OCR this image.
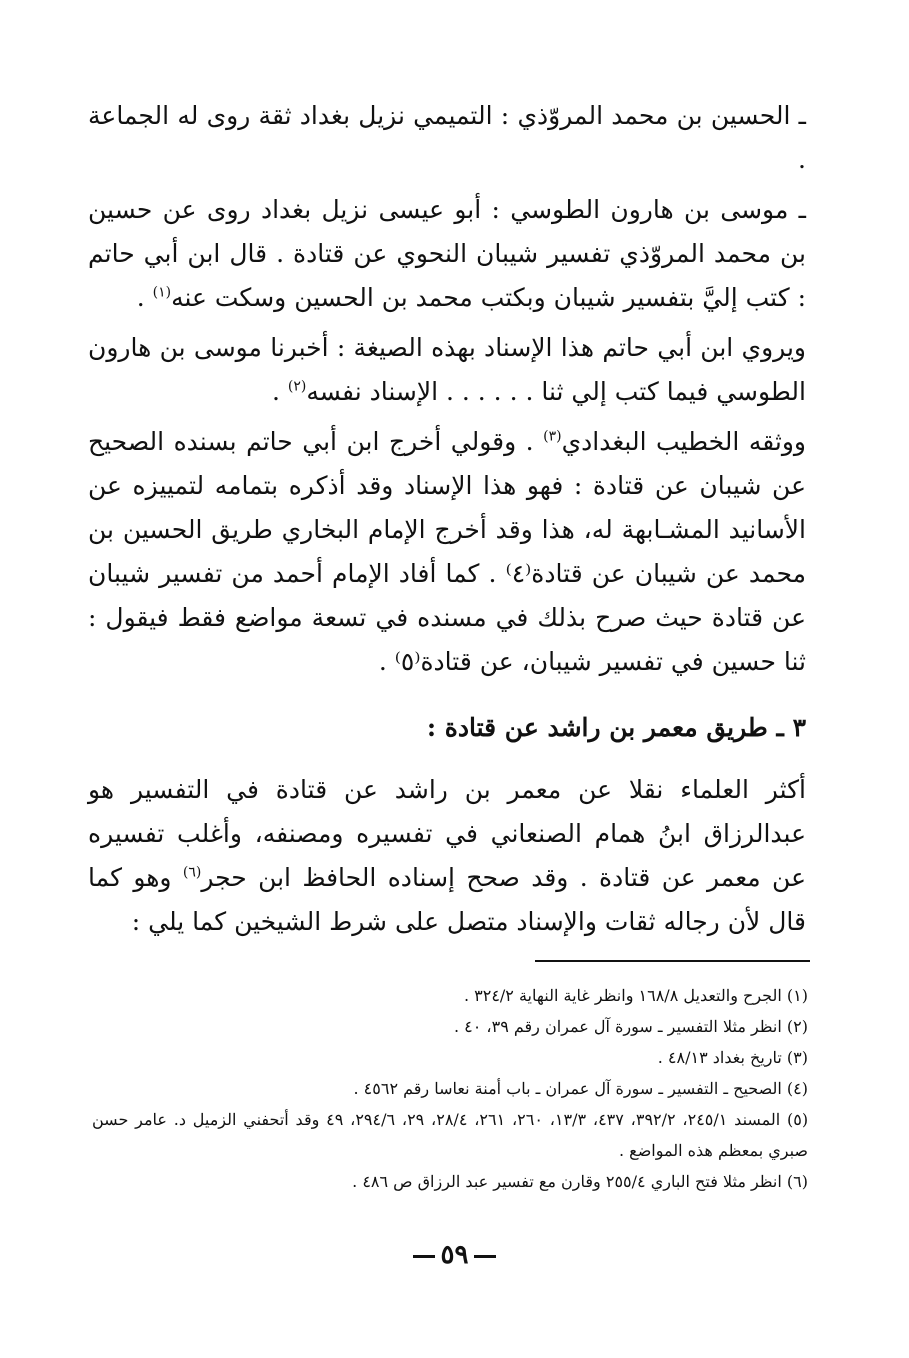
ـ الحسين بن محمد المروّذي : التميمي نزيل بغداد ثقة روى له الجماعة .

ـ موسى بن هارون الطوسي : أبو عيسى نزيل بغداد روى عن حسين بن محمد المروّذي تفسير شيبان النحوي عن قتادة . قال ابن أبي حاتم : كتب إليَّ بتفسير شيبان وبكتب محمد بن الحسين وسكت عنه$^{(١)}$ .

ويروي ابن أبي حاتم هذا الإسناد بهذه الصيغة : أخبرنا موسى بن هارون الطوسي فيما كتب إلي ثنا . . . . . . الإسناد نفسه$^{(٢)}$ .

ووثقه الخطيب البغدادي$^{(٣)}$ . وقولي أخرج ابن أبي حاتم بسنده الصحيح عن شيبان عن قتادة : فهو هذا الإسناد وقد أذكره بتمامه لتمييزه عن الأسانيد المشـابهة له، هذا وقد أخرج الإمام البخاري طريق الحسين بن محمد عن شيبان عن قتادة⁽٤⁾ . كما أفاد الإمام أحمد من تفسير شيبان عن قتادة حيث صرح بذلك في مسنده في تسعة مواضع فقط فيقول : ثنا حسين في تفسير شيبان، عن قتادة⁽٥⁾ .

٣ ـ طريق معمر بن راشد عن قتادة :

أكثر العلماء نقلا عن معمر بن راشد عن قتادة في التفسير هو عبدالرزاق ابنُ همام الصنعاني في تفسيره ومصنفه، وأغلب تفسيره عن معمر عن قتادة . وقد صحح إسناده الحافظ ابن حجر$^{(٦)}$ وهو كما قال لأن رجاله ثقات والإسناد متصل على شرط الشيخين كما يلي :

(١) الجرح والتعديل ١٦٨/٨ وانظر غاية النهاية ٣٢٤/٢ .

(٢) انظر مثلا التفسير ـ سورة آل عمران رقم ٣٩، ٤٠ .

(٣) تاريخ بغداد ٤٨/١٣ .

(٤) الصحيح ـ التفسير ـ سورة آل عمران ـ باب أمنة نعاسا رقم ٤٥٦٢ .

(٥) المسند ٢٤٥/١، ٣٩٢/٢، ٤٣٧، ١٣/٣، ٢٦٠، ٢٦١، ٢٨/٤، ٢٩، ٢٩٤/٦، ٤٩ وقد أتحفني الزميل د. عامر حسن صبري بمعظم هذه المواضع .

(٦) انظر مثلا فتح الباري ٢٥٥/٤ وقارن مع تفسير عبد الرزاق ص ٤٨٦ .

٥٩
